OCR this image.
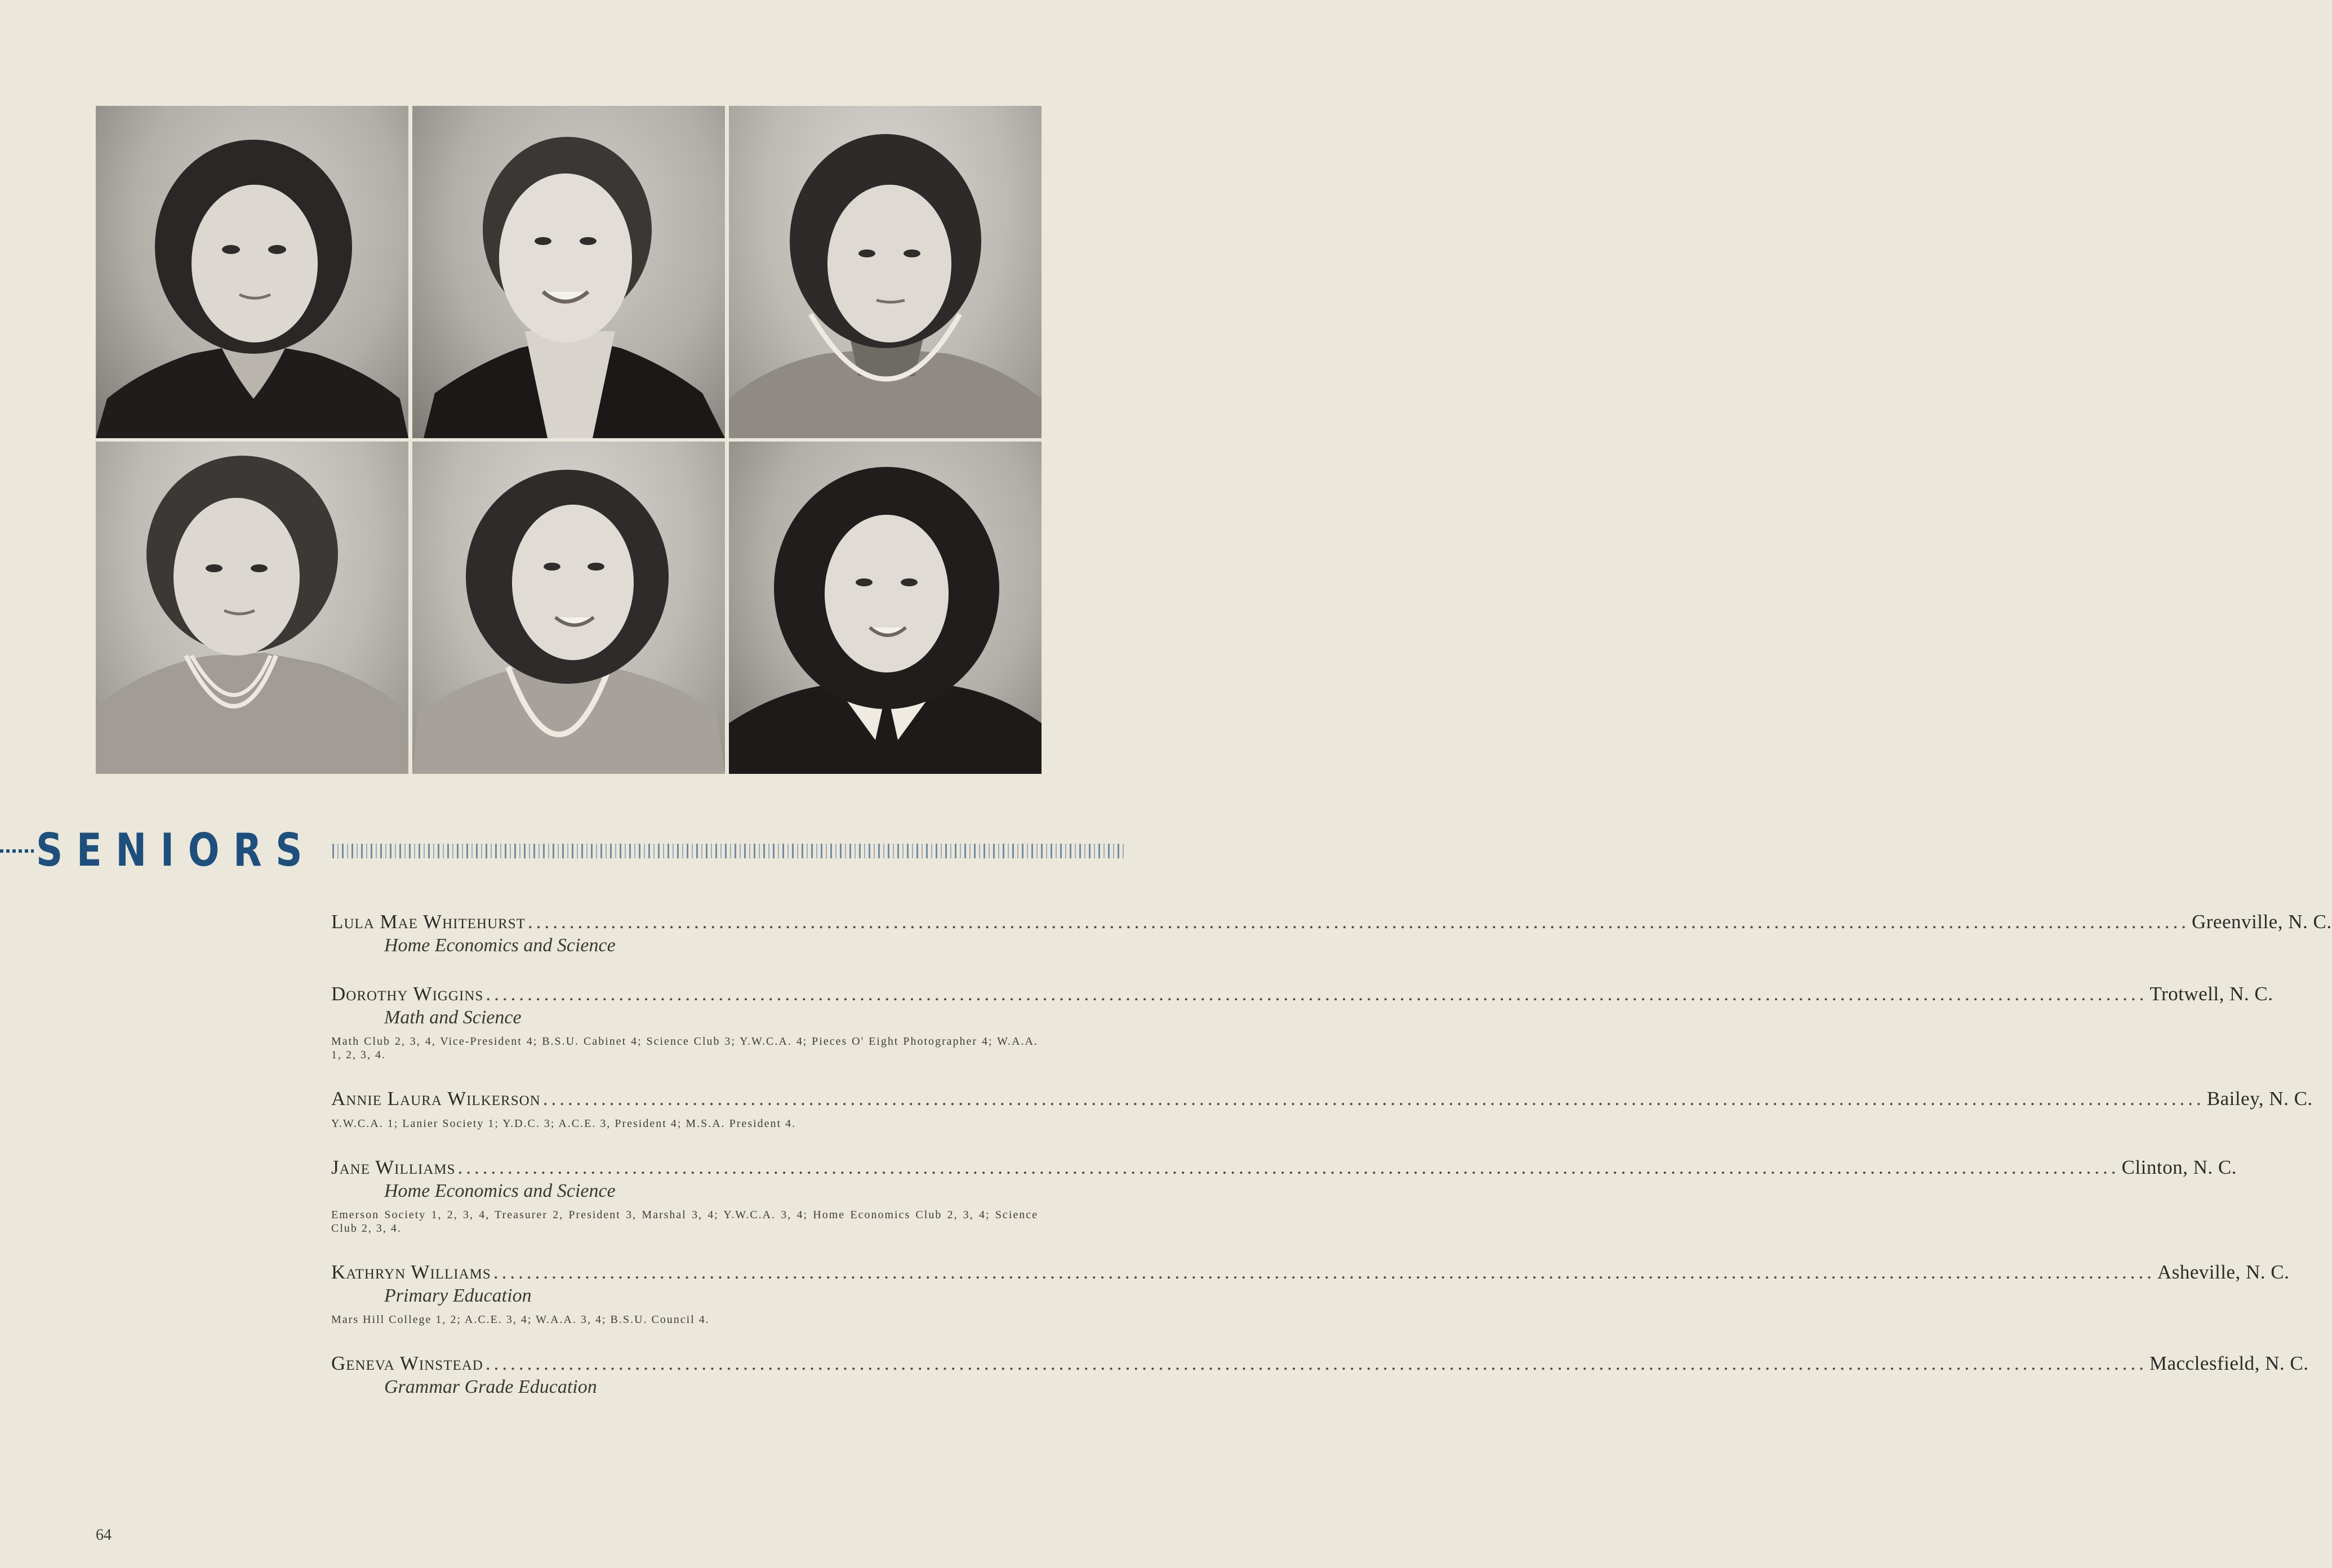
SENIORS
Lula Mae Whitehurst ........................................................................................................................................................................................................ Greenville, N. C.
Home Economics and Science
Dorothy Wiggins ........................................................................................................................................................................................................ Trotwell, N. C.
Math and Science
Math Club 2, 3, 4, Vice-President 4; B.S.U. Cabinet 4; Science Club 3; Y.W.C.A. 4; Pieces O' Eight Photographer 4; W.A.A. 1, 2, 3, 4.
Annie Laura Wilkerson ........................................................................................................................................................................................................ Bailey, N. C.
Y.W.C.A. 1; Lanier Society 1; Y.D.C. 3; A.C.E. 3, President 4; M.S.A. President 4.
Jane Williams ........................................................................................................................................................................................................ Clinton, N. C.
Home Economics and Science
Emerson Society 1, 2, 3, 4, Treasurer 2, President 3, Marshal 3, 4; Y.W.C.A. 3, 4; Home Economics Club 2, 3, 4; Science Club 2, 3, 4.
Kathryn Williams ........................................................................................................................................................................................................ Asheville, N. C.
Primary Education
Mars Hill College 1, 2; A.C.E. 3, 4; W.A.A. 3, 4; B.S.U. Council 4.
Geneva Winstead ........................................................................................................................................................................................................ Macclesfield, N. C.
Grammar Grade Education
64
